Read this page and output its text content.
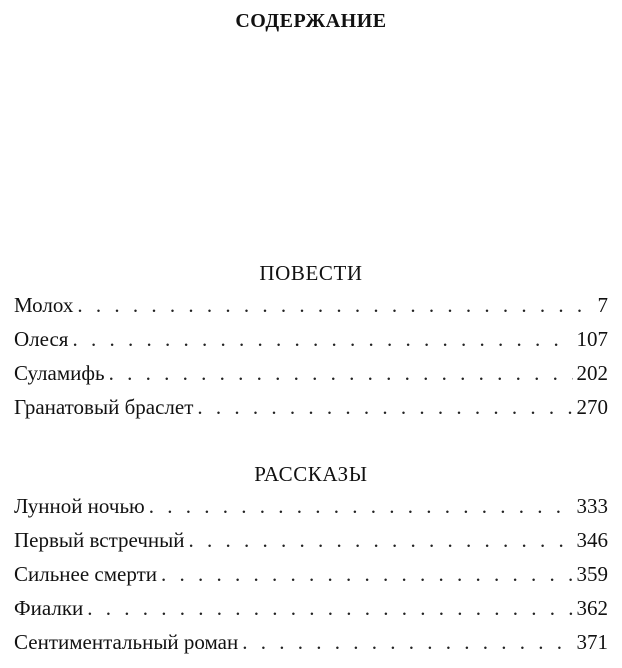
СОДЕРЖАНИЕ
ПОВЕСТИ
Молох . . .	7
Олеся . . .	107
Суламифь . . .	202
Гранатовый браслет . . .	270
РАССКАЗЫ
Лунной ночью . . .	333
Первый встречный . . .	346
Сильнее смерти . . .	359
Фиалки . . .	362
Сентиментальный роман . . .	371
